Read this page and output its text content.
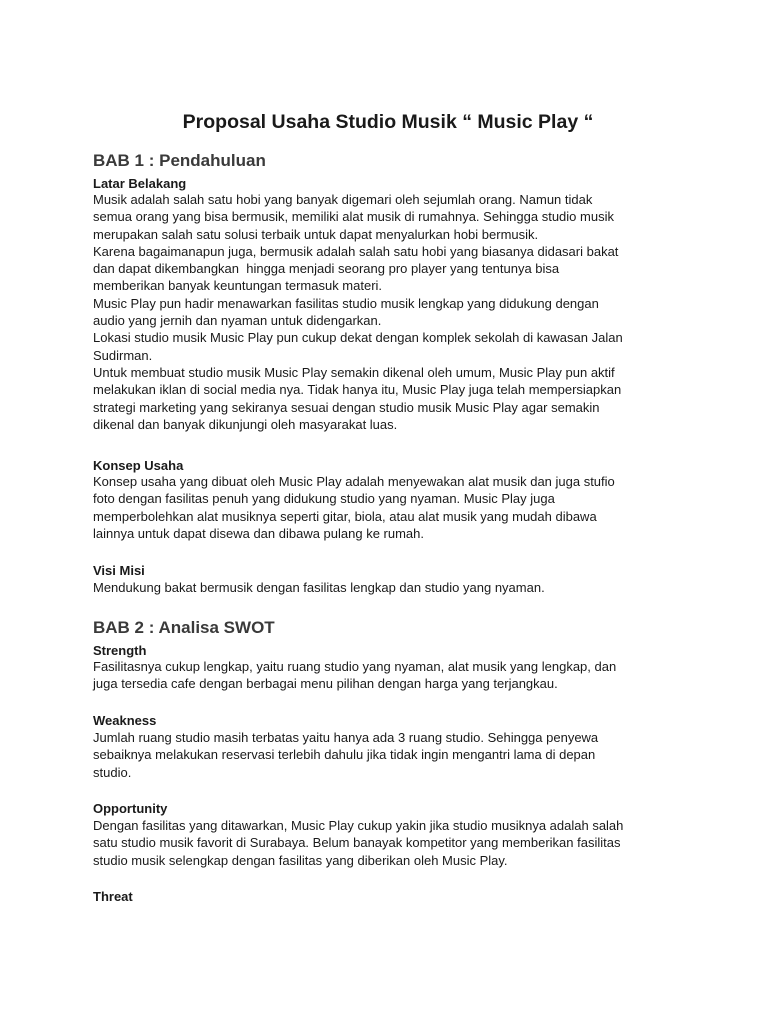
Proposal Usaha Studio Musik “ Music Play “
BAB 1 : Pendahuluan
Latar Belakang

Musik adalah salah satu hobi yang banyak digemari oleh sejumlah orang. Namun tidak
semua orang yang bisa bermusik, memiliki alat musik di rumahnya. Sehingga studio musik
merupakan salah satu solusi terbaik untuk dapat menyalurkan hobi bermusik.
Karena bagaimanapun juga, bermusik adalah salah satu hobi yang biasanya didasari bakat
dan dapat dikembangkan  hingga menjadi seorang pro player yang tentunya bisa
memberikan banyak keuntungan termasuk materi.
Music Play pun hadir menawarkan fasilitas studio musik lengkap yang didukung dengan
audio yang jernih dan nyaman untuk didengarkan.
Lokasi studio musik Music Play pun cukup dekat dengan komplek sekolah di kawasan Jalan
Sudirman.
Untuk membuat studio musik Music Play semakin dikenal oleh umum, Music Play pun aktif
melakukan iklan di social media nya. Tidak hanya itu, Music Play juga telah mempersiapkan
strategi marketing yang sekiranya sesuai dengan studio musik Music Play agar semakin
dikenal dan banyak dikunjungi oleh masyarakat luas.

Konsep Usaha

Konsep usaha yang dibuat oleh Music Play adalah menyewakan alat musik dan juga stufio
foto dengan fasilitas penuh yang didukung studio yang nyaman. Music Play juga
memperbolehkan alat musiknya seperti gitar, biola, atau alat musik yang mudah dibawa
lainnya untuk dapat disewa dan dibawa pulang ke rumah.

Visi Misi

Mendukung bakat bermusik dengan fasilitas lengkap dan studio yang nyaman.

BAB 2 : Analisa SWOT
Strength

Fasilitasnya cukup lengkap, yaitu ruang studio yang nyaman, alat musik yang lengkap, dan
juga tersedia cafe dengan berbagai menu pilihan dengan harga yang terjangkau.

Weakness

Jumlah ruang studio masih terbatas yaitu hanya ada 3 ruang studio. Sehingga penyewa
sebaiknya melakukan reservasi terlebih dahulu jika tidak ingin mengantri lama di depan
studio.

Opportunity

Dengan fasilitas yang ditawarkan, Music Play cukup yakin jika studio musiknya adalah salah
satu studio musik favorit di Surabaya. Belum banayak kompetitor yang memberikan fasilitas
studio musik selengkap dengan fasilitas yang diberikan oleh Music Play.

Threat
